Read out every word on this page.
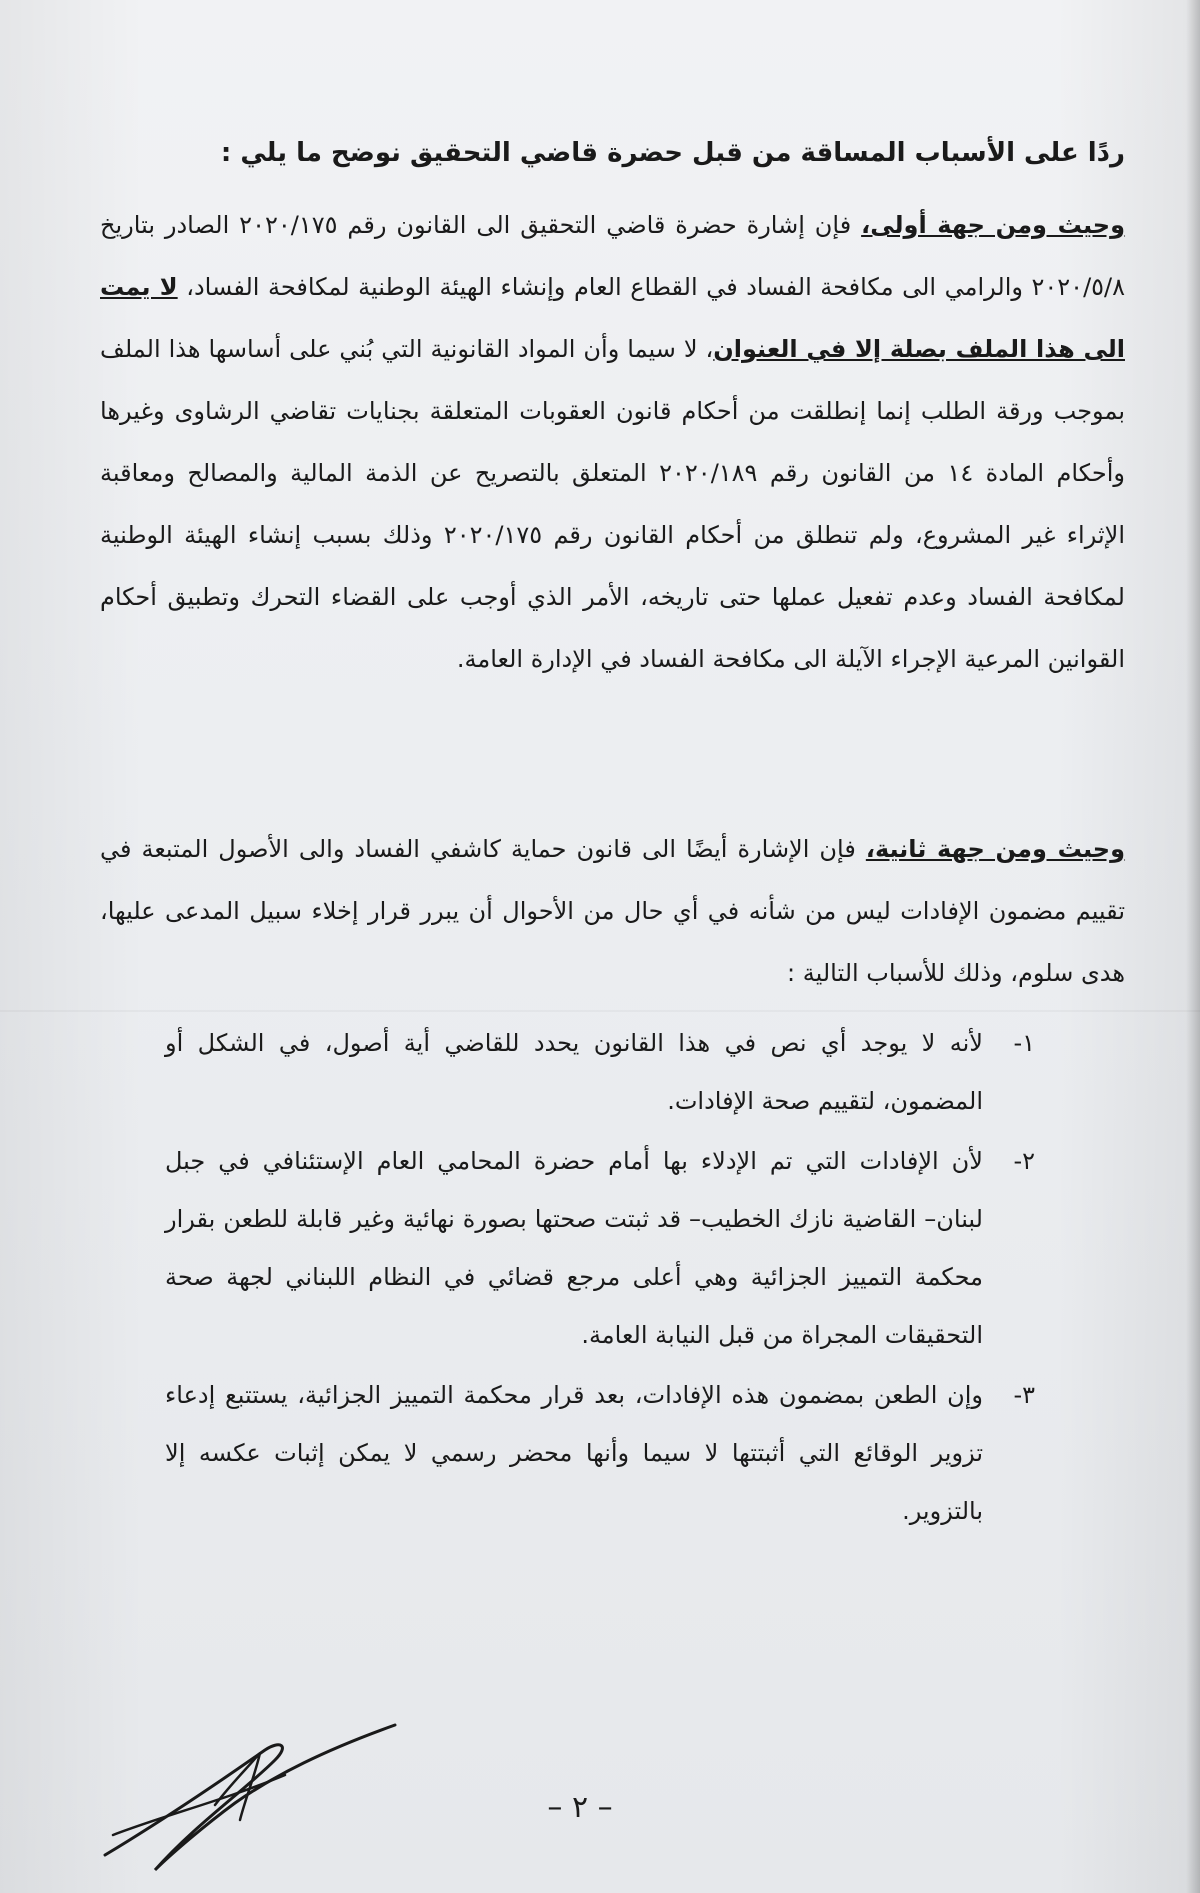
ردًا على الأسباب المساقة من قبل حضرة قاضي التحقيق نوضح ما يلي :

وحيث ومن جهة أولى، فإن إشارة حضرة قاضي التحقيق الى القانون رقم ٢٠٢٠/١٧٥ الصادر بتاريخ ٢٠٢٠/٥/٨ والرامي الى مكافحة الفساد في القطاع العام وإنشاء الهيئة الوطنية لمكافحة الفساد، لا يمت الى هذا الملف بصلة إلا في العنوان، لا سيما وأن المواد القانونية التي بُني على أساسها هذا الملف بموجب ورقة الطلب إنما إنطلقت من أحكام قانون العقوبات المتعلقة بجنايات تقاضي الرشاوى وغيرها وأحكام المادة ١٤ من القانون رقم ٢٠٢٠/١٨٩ المتعلق بالتصريح عن الذمة المالية والمصالح ومعاقبة الإثراء غير المشروع، ولم تنطلق من أحكام القانون رقم ٢٠٢٠/١٧٥ وذلك بسبب إنشاء الهيئة الوطنية لمكافحة الفساد وعدم تفعيل عملها حتى تاريخه، الأمر الذي أوجب على القضاء التحرك وتطبيق أحكام القوانين المرعية الإجراء الآيلة الى مكافحة الفساد في الإدارة العامة.

وحيث ومن جهة ثانية، فإن الإشارة أيضًا الى قانون حماية كاشفي الفساد والى الأصول المتبعة في تقييم مضمون الإفادات ليس من شأنه في أي حال من الأحوال أن يبرر قرار إخلاء سبيل المدعى عليها، هدى سلوم، وذلك للأسباب التالية :

١-
لأنه لا يوجد أي نص في هذا القانون يحدد للقاضي أية أصول، في الشكل أو المضمون، لتقييم صحة الإفادات.
٢-
لأن الإفادات التي تم الإدلاء بها أمام حضرة المحامي العام الإستئنافي في جبل لبنان– القاضية نازك الخطيب– قد ثبتت صحتها بصورة نهائية وغير قابلة للطعن بقرار محكمة التمييز الجزائية وهي أعلى مرجع قضائي في النظام اللبناني لجهة صحة التحقيقات المجراة من قبل النيابة العامة.
٣-
وإن الطعن بمضمون هذه الإفادات، بعد قرار محكمة التمييز الجزائية، يستتبع إدعاء تزوير الوقائع التي أثبتتها لا سيما وأنها محضر رسمي لا يمكن إثبات عكسه إلا بالتزوير.
– ٢ –
